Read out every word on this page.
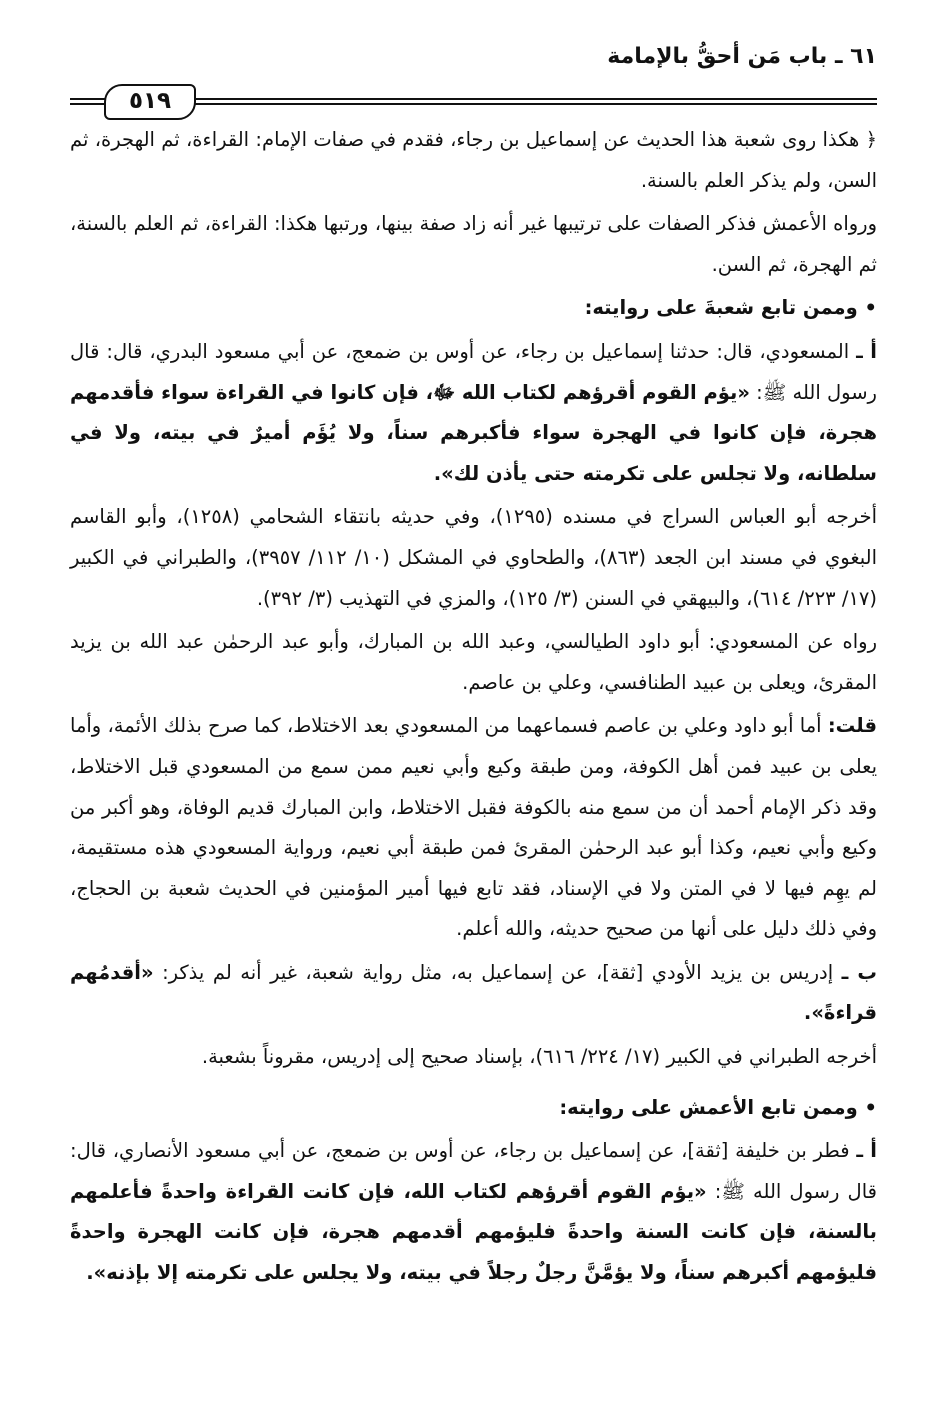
٦١ ـ باب مَن أحقُّ بالإمامة
٥١٩

﴿ هكذا روى شعبة هذا الحديث عن إسماعيل بن رجاء، فقدم في صفات الإمام: القراءة، ثم الهجرة، ثم السن، ولم يذكر العلم بالسنة.

ورواه الأعمش فذكر الصفات على ترتيبها غير أنه زاد صفة بينها، ورتبها هكذا: القراءة، ثم العلم بالسنة، ثم الهجرة، ثم السن.

• وممن تابع شعبةَ على روايته:

أ ـ المسعودي، قال: حدثنا إسماعيل بن رجاء، عن أوس بن ضمعج، عن أبي مسعود البدري، قال: قال رسول الله ﷺ: «يؤم القوم أقرؤهم لكتاب الله ﷻ، فإن كانوا في القراءة سواء فأقدمهم هجرة، فإن كانوا في الهجرة سواء فأكبرهم سناً، ولا يُؤَم أميرٌ في بيته، ولا في سلطانه، ولا تجلس على تكرمته حتى يأذن لك».

أخرجه أبو العباس السراج في مسنده (١٢٩٥)، وفي حديثه بانتقاء الشحامي (١٢٥٨)، وأبو القاسم البغوي في مسند ابن الجعد (٨٦٣)، والطحاوي في المشكل (١٠/ ١١٢/ ٣٩٥٧)، والطبراني في الكبير (١٧/ ٢٢٣/ ٦١٤)، والبيهقي في السنن (٣/ ١٢٥)، والمزي في التهذيب (٣/ ٣٩٢).

رواه عن المسعودي: أبو داود الطيالسي، وعبد الله بن المبارك، وأبو عبد الرحمٰن عبد الله بن يزيد المقرئ، ويعلى بن عبيد الطنافسي، وعلي بن عاصم.

قلت: أما أبو داود وعلي بن عاصم فسماعهما من المسعودي بعد الاختلاط، كما صرح بذلك الأئمة، وأما يعلى بن عبيد فمن أهل الكوفة، ومن طبقة وكيع وأبي نعيم ممن سمع من المسعودي قبل الاختلاط، وقد ذكر الإمام أحمد أن من سمع منه بالكوفة فقبل الاختلاط، وابن المبارك قديم الوفاة، وهو أكبر من وكيع وأبي نعيم، وكذا أبو عبد الرحمٰن المقرئ فمن طبقة أبي نعيم، ورواية المسعودي هذه مستقيمة، لم يهِم فيها لا في المتن ولا في الإسناد، فقد تابع فيها أمير المؤمنين في الحديث شعبة بن الحجاج، وفي ذلك دليل على أنها من صحيح حديثه، والله أعلم.

ب ـ إدريس بن يزيد الأودي [ثقة]، عن إسماعيل به، مثل رواية شعبة، غير أنه لم يذكر: «أقدمُهم قراءةً».

أخرجه الطبراني في الكبير (١٧/ ٢٢٤/ ٦١٦)، بإسناد صحيح إلى إدريس، مقروناً بشعبة.

• وممن تابع الأعمش على روايته:

أ ـ فطر بن خليفة [ثقة]، عن إسماعيل بن رجاء، عن أوس بن ضمعج، عن أبي مسعود الأنصاري، قال: قال رسول الله ﷺ: «يؤم القوم أقرؤهم لكتاب الله، فإن كانت القراءة واحدةً فأعلمهم بالسنة، فإن كانت السنة واحدةً فليؤمهم أقدمهم هجرة، فإن كانت الهجرة واحدةً فليؤمهم أكبرهم سناً، ولا يؤمَّنَّ رجلٌ رجلاً في بيته، ولا يجلس على تكرمته إلا بإذنه».
